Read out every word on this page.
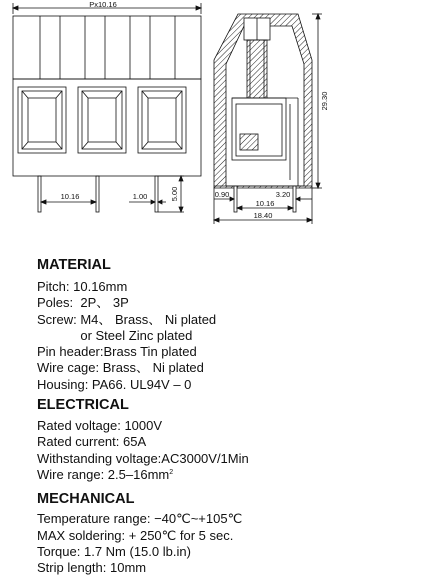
Px10.16
10.16	1.00	5.00
29.30
0.90	3.20
10.16
18.40
MATERIAL
Pitch: 10.16mm
Poles:  2P、 3P
Screw: M4、 Brass、 Ni plated
or Steel Zinc plated
Pin header:Brass Tin plated
Wire cage: Brass、 Ni plated
Housing: PA66. UL94V – 0
ELECTRICAL
Rated voltage: 1000V
Rated current: 65A
Withstanding voltage:AC3000V/1Min
Wire range: $2.5-16mm^2$
MECHANICAL
Temperature range: −40℃~+105℃
MAX soldering: + 250℃ for 5 sec.
Torque: 1.7 Nm (15.0 lb.in)
Strip length: 10mm
